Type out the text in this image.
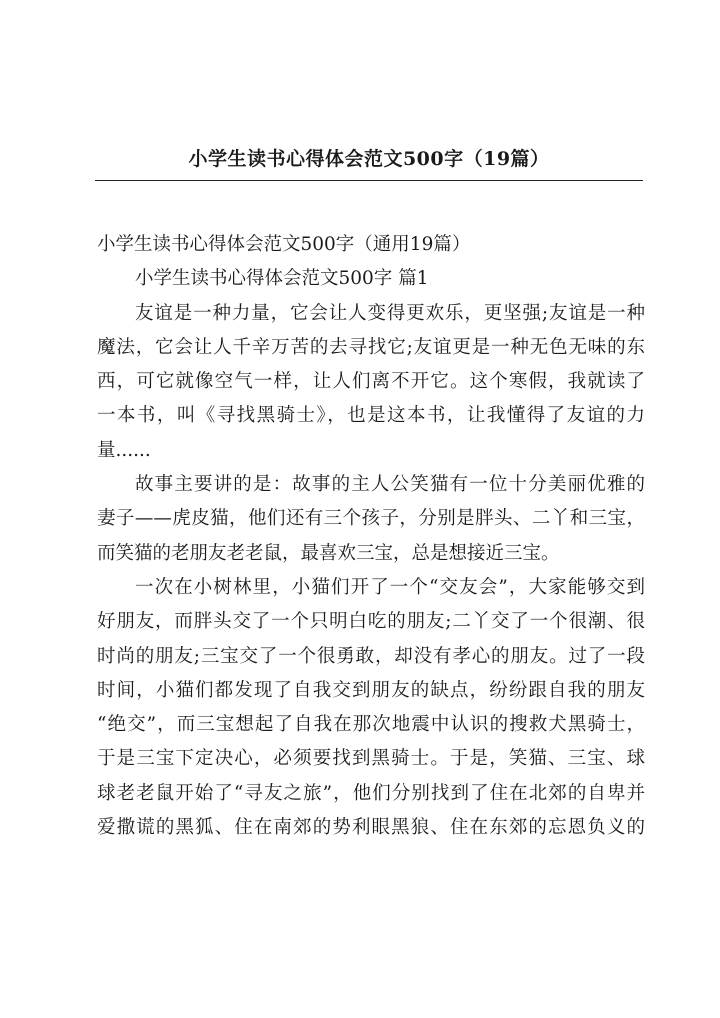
小学生读书心得体会范文500字（19篇）
小学生读书心得体会范文500字（通用19篇）
小学生读书心得体会范文500字 篇1
友谊是一种力量，它会让人变得更欢乐，更坚强;友谊是一种
魔法，它会让人千辛万苦的去寻找它;友谊更是一种无色无味的东
西，可它就像空气一样，让人们离不开它。这个寒假，我就读了
一本书，叫《寻找黑骑士》，也是这本书，让我懂得了友谊的力
量......
故事主要讲的是：故事的主人公笑猫有一位十分美丽优雅的
妻子——虎皮猫，他们还有三个孩子，分别是胖头、二丫和三宝，
而笑猫的老朋友老老鼠，最喜欢三宝，总是想接近三宝。
一次在小树林里，小猫们开了一个“交友会”，大家能够交到
好朋友，而胖头交了一个只明白吃的朋友;二丫交了一个很潮、很
时尚的朋友;三宝交了一个很勇敢，却没有孝心的朋友。过了一段
时间，小猫们都发现了自我交到朋友的缺点，纷纷跟自我的朋友
“绝交”，而三宝想起了自我在那次地震中认识的搜救犬黑骑士，
于是三宝下定决心，必须要找到黑骑士。于是，笑猫、三宝、球
球老老鼠开始了“寻友之旅”，他们分别找到了住在北郊的自卑并
爱撒谎的黑狐、住在南郊的势利眼黑狼、住在东郊的忘恩负义的
